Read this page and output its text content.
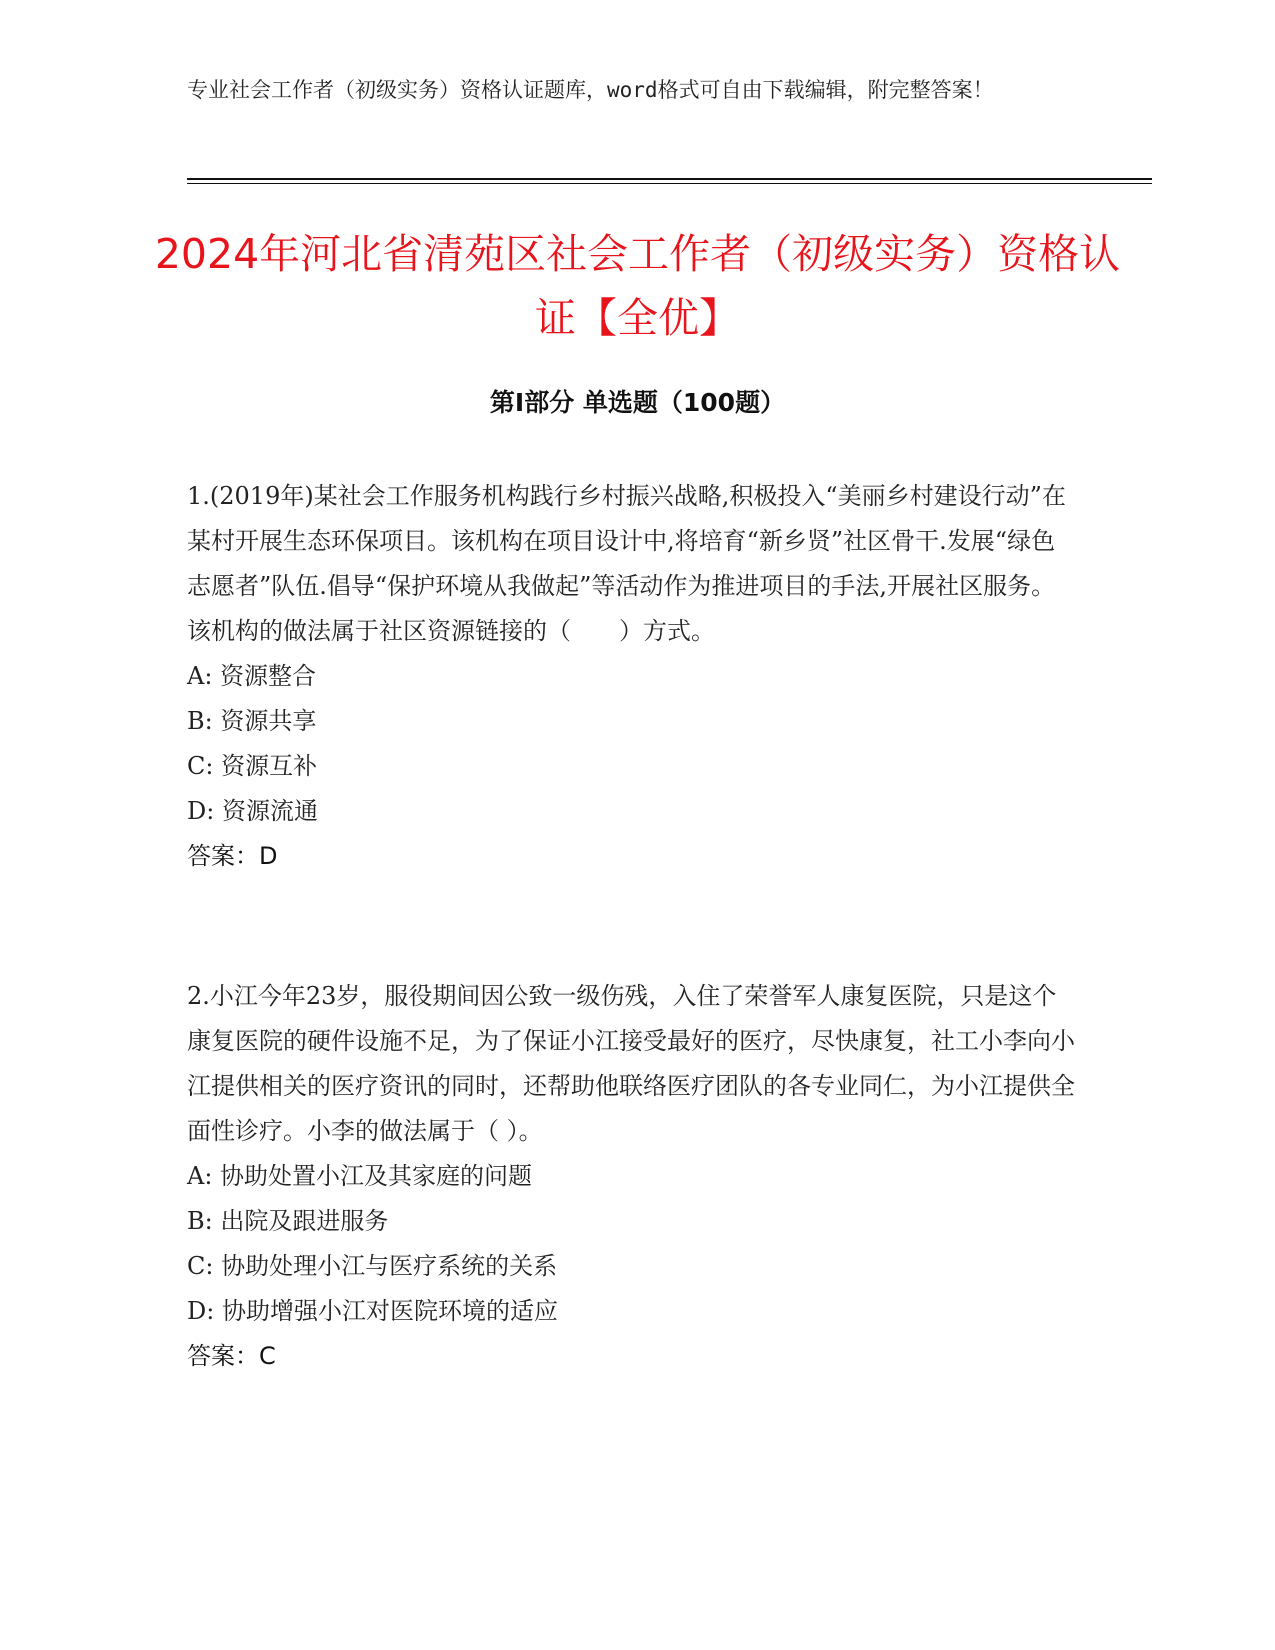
专业社会工作者（初级实务）资格认证题库，word格式可自由下载编辑，附完整答案！
2024年河北省清苑区社会工作者（初级实务）资格认证【全优】
第I部分 单选题（100题）

1.(2019年)某社会工作服务机构践行乡村振兴战略,积极投入“美丽乡村建设行动”在某村开展生态环保项目。该机构在项目设计中,将培育“新乡贤”社区骨干.发展“绿色志愿者”队伍.倡导“保护环境从我做起”等活动作为推进项目的手法,开展社区服务。该机构的做法属于社区资源链接的（　　）方式。

A: 资源整合
B: 资源共享
C: 资源互补
D: 资源流通

答案：D

2.小江今年23岁，服役期间因公致一级伤残，入住了荣誉军人康复医院，只是这个康复医院的硬件设施不足，为了保证小江接受最好的医疗，尽快康复，社工小李向小江提供相关的医疗资讯的同时，还帮助他联络医疗团队的各专业同仁，为小江提供全面性诊疗。小李的做法属于（ ）。

A: 协助处置小江及其家庭的问题
B: 出院及跟进服务
C: 协助处理小江与医疗系统的关系
D: 协助增强小江对医院环境的适应

答案：C
